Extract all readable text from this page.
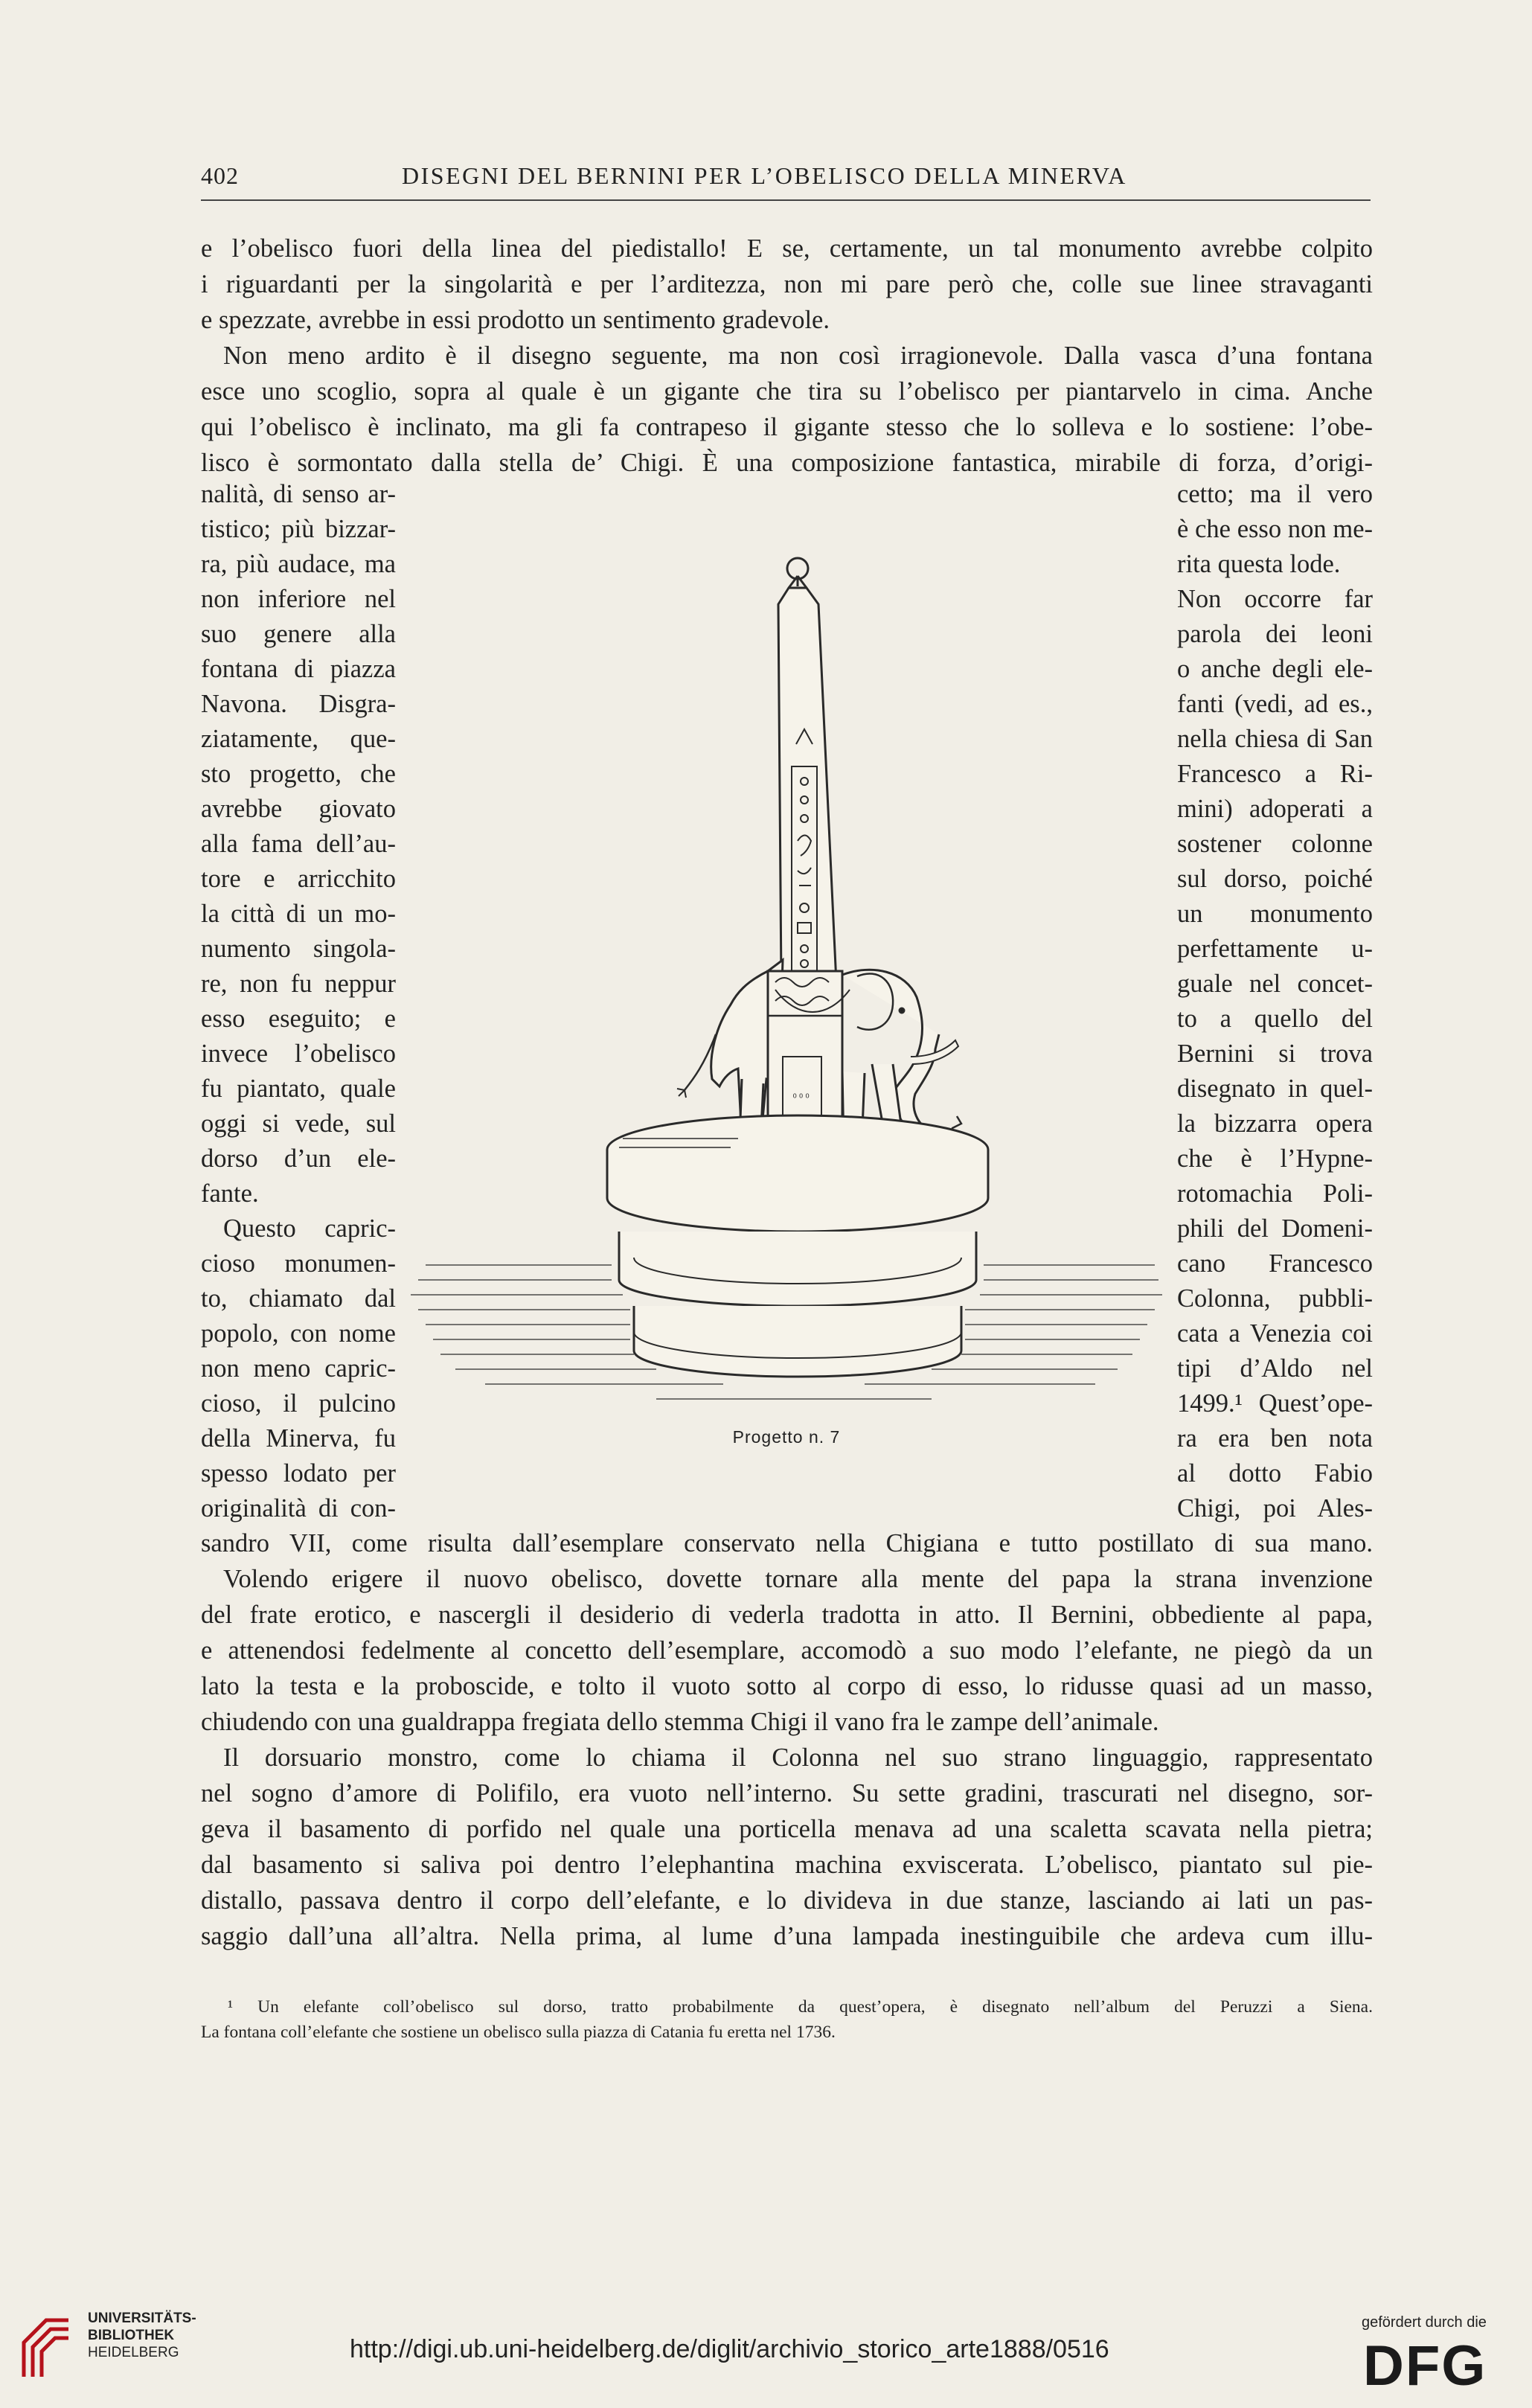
402	DISEGNI DEL BERNINI PER L’OBELISCO DELLA MINERVA
e l’obelisco fuori della linea del piedistallo! E se, certamente, un tal monumento avrebbe colpito
i riguardanti per la singolarità e per l’arditezza, non mi pare però che, colle sue linee stravaganti
e spezzate, avrebbe in essi prodotto un sentimento gradevole.
Non meno ardito è il disegno seguente, ma non così irragionevole. Dalla vasca d’una fontana
esce uno scoglio, sopra al quale è un gigante che tira su l’obelisco per piantarvelo in cima. Anche
qui l’obelisco è inclinato, ma gli fa contrapeso il gigante stesso che lo solleva e lo sostiene: l’obe-
lisco è sormontato dalla stella de’ Chigi. È una composizione fantastica, mirabile di forza, d’origi-
nalità, di senso ar-
tistico; più bizzar-
ra, più audace, ma
non inferiore nel
suo genere alla
fontana di piazza
Navona. Disgra-
ziatamente, que-
sto progetto, che
avrebbe giovato
alla fama dell’au-
tore e arricchito
la città di un mo-
numento singola-
re, non fu neppur
esso eseguito; e
invece l’obelisco
fu piantato, quale
oggi si vede, sul
dorso d’un ele-
fante.
Questo capric-
cioso monumen-
to, chiamato dal
popolo, con nome
non meno capric-
cioso, il pulcino
della Minerva, fu
spesso lodato per
originalità di con-
cetto; ma il vero
è che esso non me-
rita questa lode.
Non occorre far
parola dei leoni
o anche degli ele-
fanti (vedi, ad es.,
nella chiesa di San
Francesco a Ri-
mini) adoperati a
sostener colonne
sul dorso, poiché
un monumento
perfettamente u-
guale nel concet-
to a quello del
Bernini si trova
disegnato in quel-
la bizzarra opera
che è l’Hypne-
rotomachia Poli-
phili del Domeni-
cano Francesco
Colonna, pubbli-
cata a Venezia coi
tipi d’Aldo nel
1499.¹ Quest’ope-
ra era ben nota
al dotto Fabio
Chigi, poi Ales-
sandro VII, come risulta dall’esemplare conservato nella Chigiana e tutto postillato di sua mano.
Volendo erigere il nuovo obelisco, dovette tornare alla mente del papa la strana invenzione
del frate erotico, e nascergli il desiderio di vederla tradotta in atto. Il Bernini, obbediente al papa,
e attenendosi fedelmente al concetto dell’esemplare, accomodò a suo modo l’elefante, ne piegò da un
lato la testa e la proboscide, e tolto il vuoto sotto al corpo di esso, lo ridusse quasi ad un masso,
chiudendo con una gualdrappa fregiata dello stemma Chigi il vano fra le zampe dell’animale.
Il dorsuario monstro, come lo chiama il Colonna nel suo strano linguaggio, rappresentato
nel sogno d’amore di Polifilo, era vuoto nell’interno. Su sette gradini, trascurati nel disegno, sor-
geva il basamento di porfido nel quale una porticella menava ad una scaletta scavata nella pietra;
dal basamento si saliva poi dentro l’elephantina machina exviscerata. L’obelisco, piantato sul pie-
distallo, passava dentro il corpo dell’elefante, e lo divideva in due stanze, lasciando ai lati un pas-
saggio dall’una all’altra. Nella prima, al lume d’una lampada inestinguibile che ardeva cum illu-
ᴼᴼᴼ
Progetto n. 7
¹ Un elefante coll’obelisco sul dorso, tratto probabilmente da quest’opera, è disegnato nell’album del Peruzzi a Siena.
La fontana coll’elefante che sostiene un obelisco sulla piazza di Catania fu eretta nel 1736.
UNIVERSITÄTS-
BIBLIOTHEK
HEIDELBERG	http://digi.ub.uni-heidelberg.de/diglit/archivio_storico_arte1888/0516
gefördert durch die
DFG
